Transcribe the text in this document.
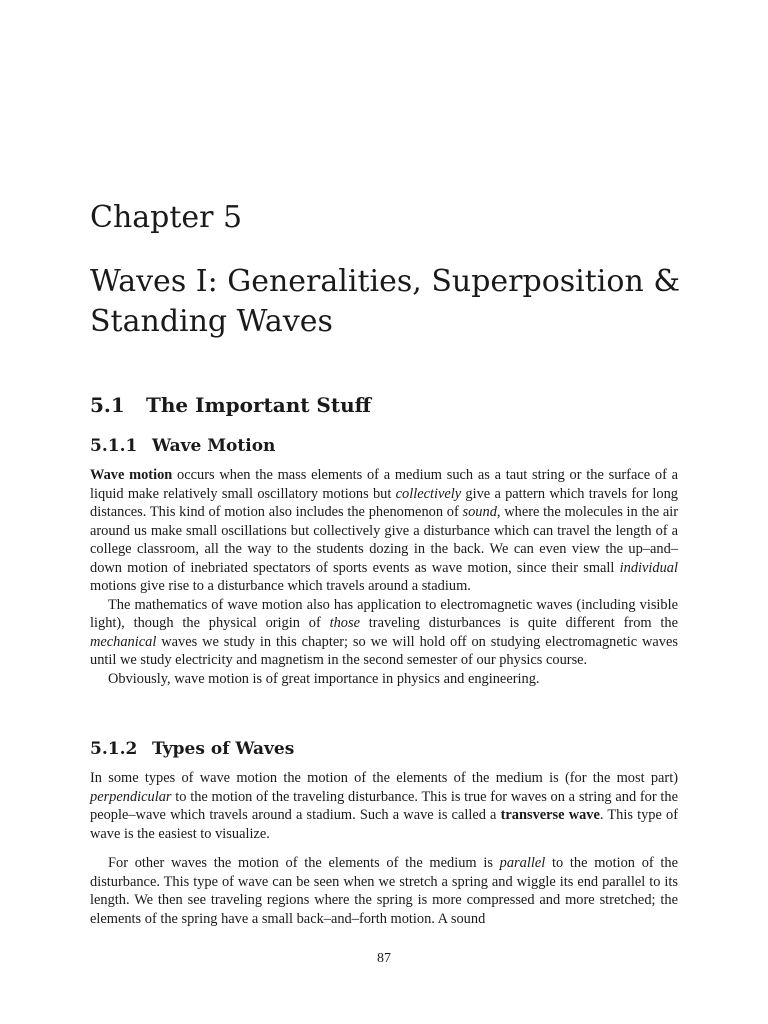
Chapter 5
Waves I: Generalities, Superposition & Standing Waves
5.1 The Important Stuff
5.1.1 Wave Motion

Wave motion occurs when the mass elements of a medium such as a taut string or the surface of a liquid make relatively small oscillatory motions but collectively give a pattern which travels for long distances. This kind of motion also includes the phenomenon of sound, where the molecules in the air around us make small oscillations but collectively give a disturbance which can travel the length of a college classroom, all the way to the students dozing in the back. We can even view the up–and–down motion of inebriated spectators of sports events as wave motion, since their small individual motions give rise to a disturbance which travels around a stadium.

The mathematics of wave motion also has application to electromagnetic waves (including visible light), though the physical origin of those traveling disturbances is quite different from the mechanical waves we study in this chapter; so we will hold off on studying electromagnetic waves until we study electricity and magnetism in the second semester of our physics course.

Obviously, wave motion is of great importance in physics and engineering.

5.1.2 Types of Waves

In some types of wave motion the motion of the elements of the medium is (for the most part) perpendicular to the motion of the traveling disturbance. This is true for waves on a string and for the people–wave which travels around a stadium. Such a wave is called a transverse wave. This type of wave is the easiest to visualize.

For other waves the motion of the elements of the medium is parallel to the motion of the disturbance. This type of wave can be seen when we stretch a spring and wiggle its end parallel to its length. We then see traveling regions where the spring is more compressed and more stretched; the elements of the spring have a small back–and–forth motion. A sound

87
